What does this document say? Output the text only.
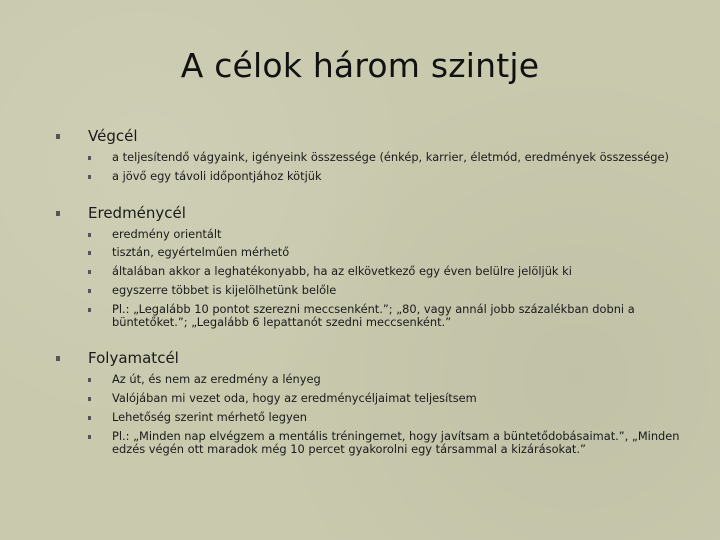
A célok három szintje
Végcél
a teljesítendő vágyaink, igényeink összessége (énkép, karrier, életmód, eredmények összessége)
a jövő egy távoli időpontjához kötjük
Eredménycél
eredmény orientált
tisztán, egyértelműen mérhető
általában akkor a leghatékonyabb, ha az elkövetkező egy éven belülre jelöljük ki
egyszerre többet is kijelölhetünk belőle
Pl.: „Legalább 10 pontot szerezni meccsenként.”; „80, vagy annál jobb százalékban dobni a büntetőket.”; „Legalább 6 lepattanót szedni meccsenként.”
Folyamatcél
Az út, és nem az eredmény a lényeg
Valójában mi vezet oda, hogy az eredménycéljaimat teljesítsem
Lehetőség szerint mérhető legyen
Pl.: „Minden nap elvégzem a mentális tréningemet, hogy javítsam a büntetődobásaimat.”, „Minden edzés végén ott maradok még 10 percet gyakorolni egy társammal a kizárásokat.”
